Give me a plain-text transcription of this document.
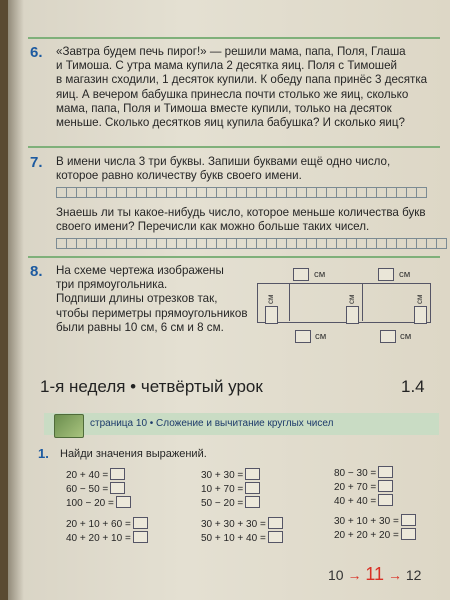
6. «Завтра будем печь пирог!» — решили мама, папа, Поля, Глаша
и Тимоша. С утра мама купила 2 десятка яиц. Поля с Тимошей
в магазин сходили, 1 десяток купили. К обеду папа принёс 3 десятка
яиц. А вечером бабушка принесла почти столько же яиц, сколько
мама, папа, Поля и Тимоша вместе купили, только на десяток
меньше. Сколько десятков яиц купила бабушка? И сколько яиц?
7. В имени числа 3 три буквы. Запиши буквами ещё одно число,
которое равно количеству букв своего имени.
Знаешь ли ты какое-нибудь число, которое меньше количества букв
своего имени? Перечисли как можно больше таких чисел.
8. На схеме чертежа изображены
три прямоугольника.
Подпиши длины отрезков так,
чтобы периметры прямоугольников
были равны 10 см, 6 см и 8 см.
см	см
см	см	см
см	см
1-я неделя • четвёртый урок	1.4
страница 10 • Сложение и вычитание круглых чисел
1. Найди значения выражений.
20 + 40 =
60 − 50 =
100 − 20 =
30 + 30 =
10 + 70 =
50 − 20 =
80 − 30 =
20 + 70 =
40 + 40 =
20 + 10 + 60 =
40 + 20 + 10 =
30 + 30 + 30 =
50 + 10 + 40 =
30 + 10 + 30 =
20 + 20 + 20 =
10 → 11 → 12
